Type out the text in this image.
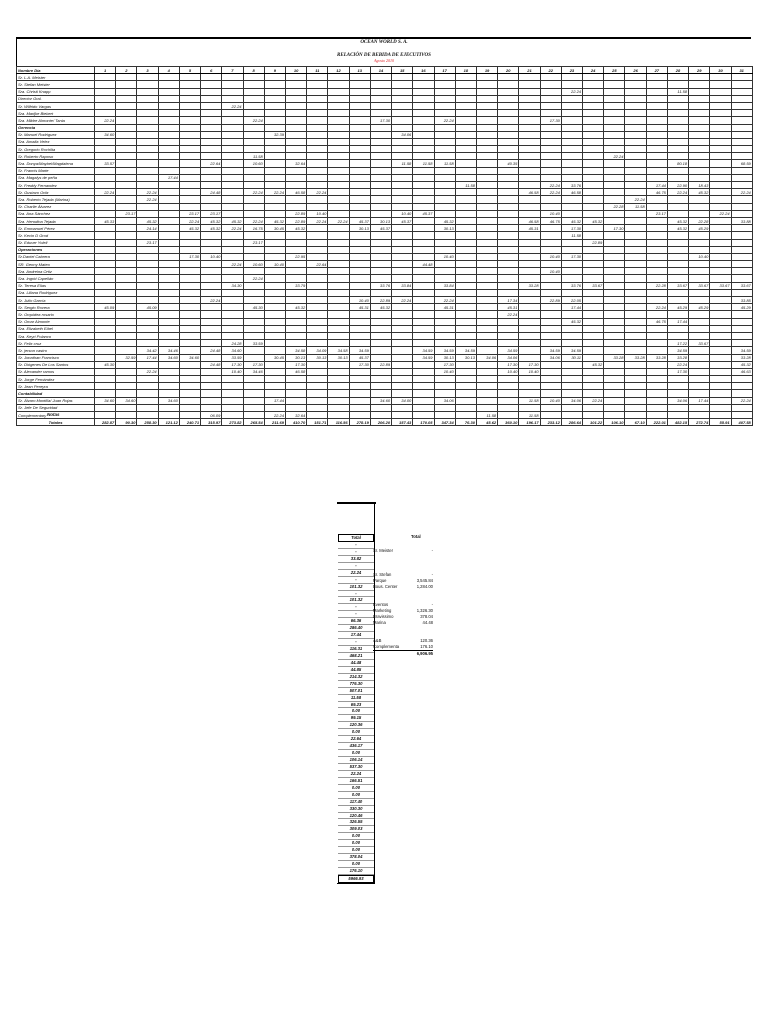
OCEAN WORLD S. A.
RELACIÓN DE BEBIDA DE EJECUTIVOS
Agosto 2010
Nombre Día	1	2	3	4	5	6	7	8	9	10	11	12	13	14	15	16	17	18	19	20	21	22	23	24	25	26	27	28	29	30	31
Sr. L.A. Meister																															
Sr. Stefan Meister																															
Sra. Christi Knapp																							22.24					11.58			
Director Gral.																															
Sr. Wilfrido Vargas							22.24																								
Sra. Marijke Biebert																															
Sra. Mildre Almonte/ Tania	22.24							22.24						17.30			22.24					17.30									
Gerencia																															
Sr. Manuel Rodriguez	34.60								32.39						34.06																
Sra. Amalia Velez																															
Sr. Gregorio Rochilta																															
Sr. Roberto Raposo								11.58																	22.24						
Sra. Donya/Maybel/Magdalena	33.57					22.64		10.60		32.64					11.58	11.58	11.58			40.35								80.18			68.59
Sr. Francis Marte																															
Sra. Magalys de peña				17.44																											
Sr. Freddy Fernandez																		11.58				22.24	33.76				17.44	22.90	18.43		
Sr. Gustavo Ortiz	22.24		22.24			24.48		22.24	22.24	46.58	22.24										46.58	22.24	46.58				46.75	22.24	45.32		22.24
Sra. Roberto Tejada (Marina)			22.24																							22.24					
Sr. Charlie Álvarez																									22.28	11.58					
Sra. Ana Sánchez		23.17			23.17	23.17				22.89	10.40				10.40	45.37						10.40					23.17			22.24	
Sra. Herodina Tejada	45.33		45.32		22.24	45.32	45.32	22.24	45.32	22.89	22.24	22.24	45.37	30.13	45.37		45.32				46.58	46.75	45.32	45.32				45.32	22.28		33.88
Sr. Emmanuel Pérez			24.14		45.32	45.32	22.24	16.75	30.45	45.32			30.13	45.37			30.13				45.31		17.30		17.30			45.32	45.29		
Sr. Kevin D Grod																							11.58								
Sr. Eduver Yoleli			23.17					23.17																22.89							
Operaciones																															
Sr.Daniel Cabrera					17.30	10.40				22.95							10.40					10.40	17.30						10.40		
SR. Genny Mateo							22.24	10.60	10.40		22.64					44.48															
Sra. Andreina Ortiz																						10.40									
Sra. Ingrid Capellán								22.24																							
Sr. Teresa Elias							34.30			33.79				33.76	33.84		33.84				33.28		33.76	33.67			22.28	33.67	33.67	33.67	33.67
Sra. Liliana Rodriguez																															
Sr. Julio García						22.24							10.40	22.89	22.24		22.24			17.34		22.89	22.05								33.85
Sr. Sergio Rovera	45.09		45.09					45.30		45.32			45.31	45.32			45.31			45.31			17.44				22.24	45.29	45.29		45.29
Sr. Orquidea rosario																				22.24											
Sr. Omar Almonte																							45.32				46.75	17.44			
Sra. Elizabeth Eibel																															
Sra. Keyri Polanco																															
Sr. Felix cruz							24.28	33.59																				17.22	33.67		
Sr. jerson castro			34.42	34.46		24.48	34.60			34.58	34.09	34.58	34.59			34.59	34.59	34.59		34.59		34.59	34.59					34.59			34.59
Sr. Jonathan Francisco		32.59	17.44	34.60	34.60		33.59		30.45	30.13	30.13	30.13	45.37			34.59	30.13	30.13	34.06	34.06		34.06	30.11		33.28	33.28	33.28	33.28			33.28
Sr. Diógenes De Los Santos	45.30					24.48	17.30	17.30		17.30			17.30	22.89			17.30			17.30	17.30			45.32				22.24			45.32
Sr. Alexander ramos			22.24				10.40	34.46		46.58							10.40			10.40	10.40							17.30			46.63
Sr. Jorge Fernández																															
Sr. Jean Pereyra																															
Contabilidad																															
Sr. Álvaro Montilla/ Juan Rojas	34.60	34.60		34.60					17.44					34.60	34.00		34.06				11.58	10.40	34.06	22.24				34.06	17.44		22.24
Sr. Jefe De Seguridad																															
Complementary						06.09			22.24	32.64									11.58		11.58										
Totales	282.87	90.30	258.30	121.12	240.71	315.97	273.82	265.54	211.69	410.70	151.71	116.56	278.19	206.20	157.43	170.05	347.34	76.30	45.62	360.10	196.17	233.12	286.64	101.22	106.10	67.10	222.01	482.15	272.74	55.91	407.58
Notas
Total
-
-
33.82
-
22.24
-
101.32
-
101.32
-
-
66.36
286.40
17.44
-
116.31
468.21
44.48
44.85
214.32
776.30
507.01
11.58
69.23
0.00
99.15
120.36
0.00
22.64
436.17
0.00
106.14
537.30
22.24
166.51
0.00
0.00
117.40
330.30
120.46
326.55
309.03
0.00
0.00
0.00
378.04
0.00
176.10
5966.93
Total
Sr. Meister	-
Sr. Stefan	-
Parque	3,545.84
Bous. Center	1,284.00
Eventos	-
Marketing	1,326.30
Bravissimo	378.04
Marina	44.48
A&B	120.36
Complementa	176.10
6,906.95
